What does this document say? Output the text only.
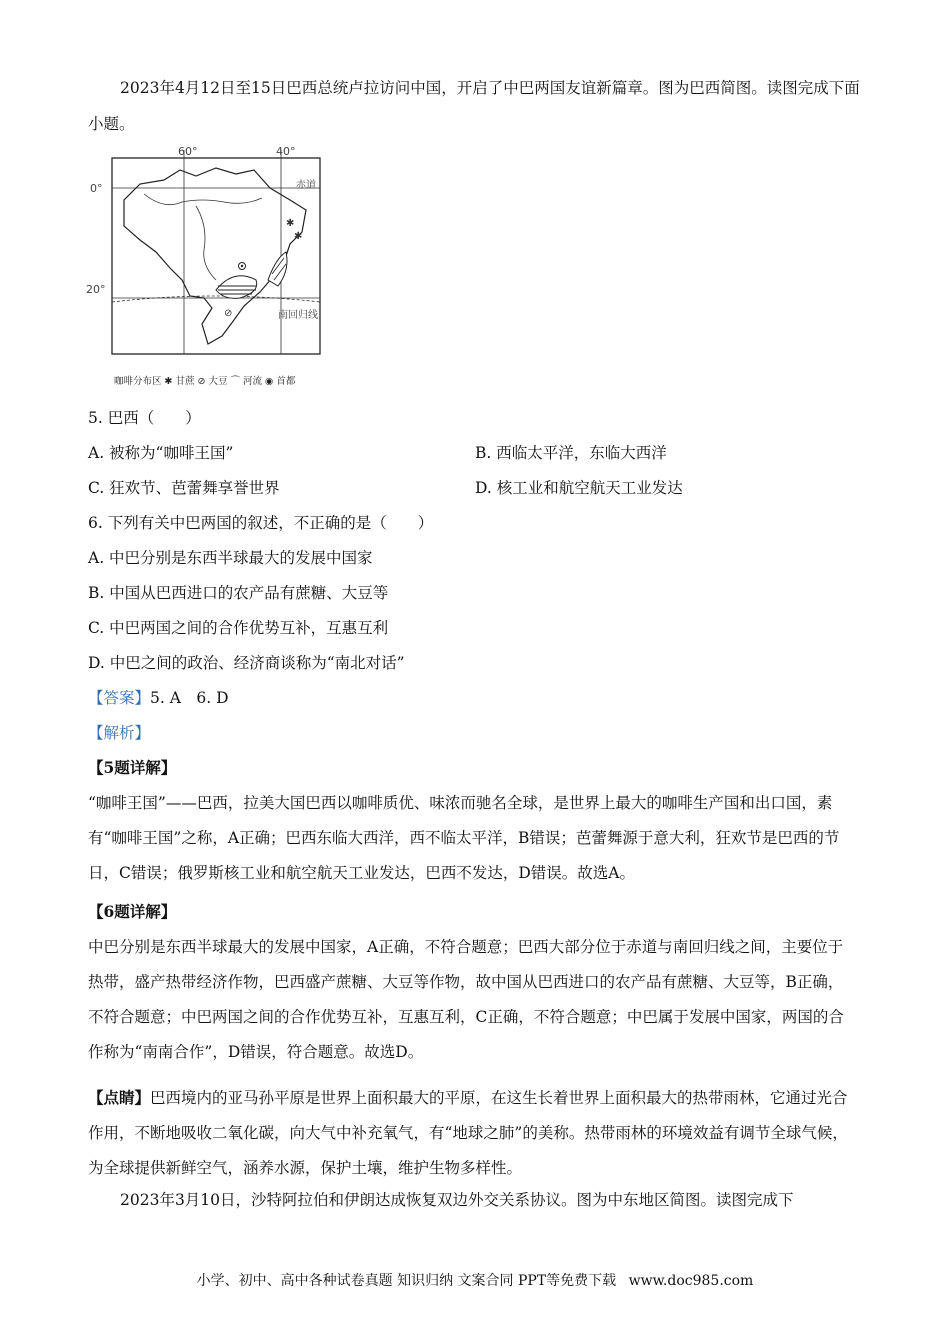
2023年4月12日至15日巴西总统卢拉访问中国，开启了中巴两国友谊新篇章。图为巴西简图。读图完成下面小题。
60°	40°
0°
20°
赤道
南回归线
✱
✱
⊘
咖啡分布区 ✱ 甘蔗 ⊘ 大豆 ⌒ 河流 ◉ 首都
5. 巴西（　　）
A. 被称为“咖啡王国”	B. 西临太平洋，东临大西洋
C. 狂欢节、芭蕾舞享誉世界	D. 核工业和航空航天工业发达
6. 下列有关中巴两国的叙述，不正确的是（　　）
A. 中巴分别是东西半球最大的发展中国家
B. 中国从巴西进口的农产品有蔗糖、大豆等
C. 中巴两国之间的合作优势互补，互惠互利
D. 中巴之间的政治、经济商谈称为“南北对话”
【答案】5. A　6. D
【解析】
【5题详解】
“咖啡王国”——巴西，拉美大国巴西以咖啡质优、味浓而驰名全球，是世界上最大的咖啡生产国和出口国，素有“咖啡王国”之称，A正确；巴西东临大西洋，西不临太平洋，B错误；芭蕾舞源于意大利，狂欢节是巴西的节日，C错误；俄罗斯核工业和航空航天工业发达，巴西不发达，D错误。故选A。
【6题详解】
中巴分别是东西半球最大的发展中国家，A正确，不符合题意；巴西大部分位于赤道与南回归线之间，主要位于热带，盛产热带经济作物，巴西盛产蔗糖、大豆等作物，故中国从巴西进口的农产品有蔗糖、大豆等，B正确，不符合题意；中巴两国之间的合作优势互补，互惠互利，C正确，不符合题意；中巴属于发展中国家，两国的合作称为“南南合作”，D错误，符合题意。故选D。
【点睛】巴西境内的亚马孙平原是世界上面积最大的平原，在这生长着世界上面积最大的热带雨林，它通过光合作用，不断地吸收二氧化碳，向大气中补充氧气，有“地球之肺”的美称。热带雨林的环境效益有调节全球气候，为全球提供新鲜空气，涵养水源，保护土壤，维护生物多样性。
2023年3月10日，沙特阿拉伯和伊朗达成恢复双边外交关系协议。图为中东地区简图。读图完成下
小学、初中、高中各种试卷真题 知识归纳 文案合同 PPT等免费下载 www.doc985.com
